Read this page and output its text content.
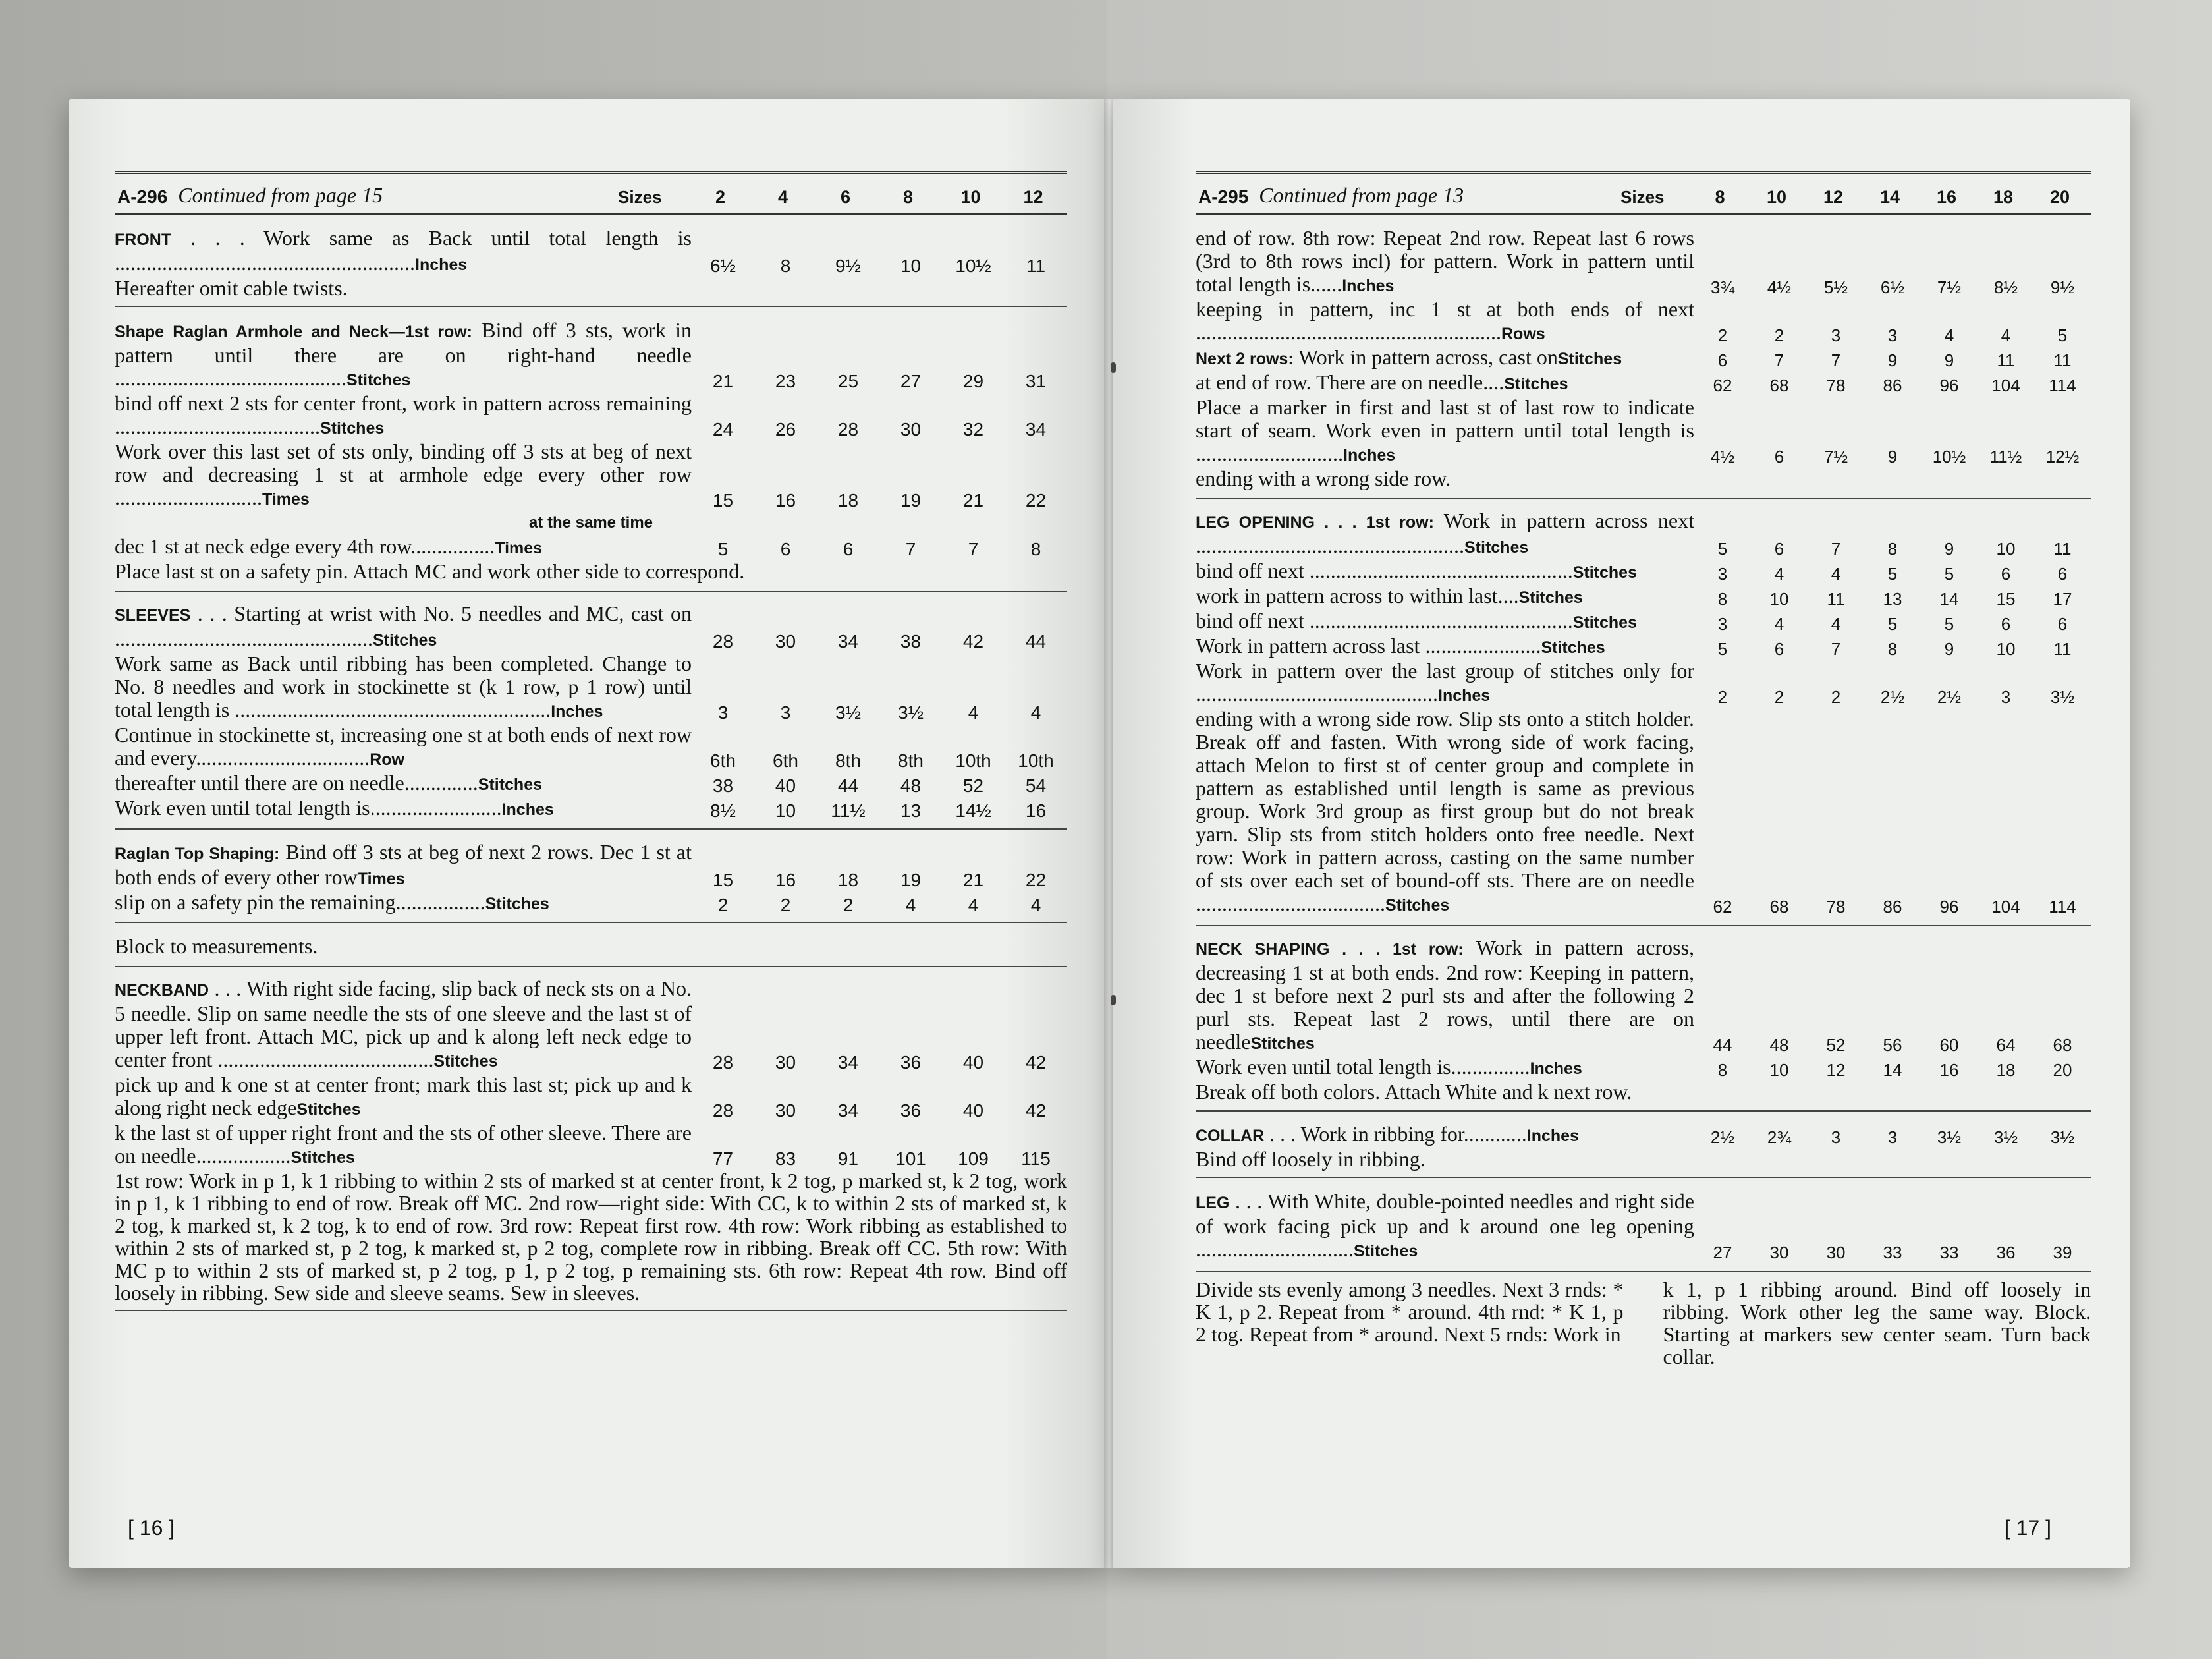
A-296 Continued from page 15	Sizes	2	4	6	8	10	12
FRONT . . . Work same as Back until total length is .........................................................Inches	6½	8	9½	10	10½	11
Hereafter omit cable twists.
Shape Raglan Armhole and Neck—1st row: Bind off 3 sts, work in pattern until there are on right-hand needle ............................................Stitches	21	23	25	27	29	31
bind off next 2 sts for center front, work in pattern across remaining .......................................Stitches	24	26	28	30	32	34
Work over this last set of sts only, binding off 3 sts at beg of next row and decreasing 1 st at armhole edge every other row ............................Times	15	16	18	19	21	22
at the same time
dec 1 st at neck edge every 4th row................Times	5	6	6	7	7	8
Place last st on a safety pin. Attach MC and work other side to correspond.
SLEEVES . . . Starting at wrist with No. 5 needles and MC, cast on .................................................Stitches	28	30	34	38	42	44
Work same as Back until ribbing has been completed. Change to No. 8 needles and work in stockinette st (k 1 row, p 1 row) until total length is ............................................................Inches	3	3	3½	3½	4	4
Continue in stockinette st, increasing one st at both ends of next row and every.................................Row	6th	6th	8th	8th	10th	10th
thereafter until there are on needle..............Stitches	38	40	44	48	52	54
Work even until total length is.........................Inches	8½	10	11½	13	14½	16
Raglan Top Shaping: Bind off 3 sts at beg of next 2 rows. Dec 1 st at both ends of every other rowTimes	15	16	18	19	21	22
slip on a safety pin the remaining.................Stitches	2	2	2	4	4	4
Block to measurements.
NECKBAND . . . With right side facing, slip back of neck sts on a No. 5 needle. Slip on same needle the sts of one sleeve and the last st of upper left front. Attach MC, pick up and k along left neck edge to center front .........................................Stitches	28	30	34	36	40	42
pick up and k one st at center front; mark this last st; pick up and k along right neck edgeStitches	28	30	34	36	40	42
k the last st of upper right front and the sts of other sleeve. There are on needle..................Stitches	77	83	91	101	109	115
1st row: Work in p 1, k 1 ribbing to within 2 sts of marked st at center front, k 2 tog, p marked st, k 2 tog, work in p 1, k 1 ribbing to end of row. Break off MC. 2nd row—right side: With CC, k to within 2 sts of marked st, k 2 tog, k marked st, k 2 tog, k to end of row. 3rd row: Repeat first row. 4th row: Work ribbing as established to within 2 sts of marked st, p 2 tog, k marked st, p 2 tog, complete row in ribbing. Break off CC. 5th row: With MC p to within 2 sts of marked st, p 2 tog, p 1, p 2 tog, p remaining sts. 6th row: Repeat 4th row. Bind off loosely in ribbing. Sew side and sleeve seams. Sew in sleeves.
[ 16 ]
A-295 Continued from page 13	Sizes	8	10	12	14	16	18	20
end of row. 8th row: Repeat 2nd row. Repeat last 6 rows (3rd to 8th rows incl) for pattern. Work in pattern until total length is......Inches	3¾	4½	5½	6½	7½	8½	9½
keeping in pattern, inc 1 st at both ends of next ..........................................................Rows	2	2	3	3	4	4	5
Next 2 rows: Work in pattern across, cast onStitches	6	7	7	9	9	11	11
at end of row. There are on needle....Stitches	62	68	78	86	96	104	114
Place a marker in first and last st of last row to indicate start of seam. Work even in pattern until total length is ............................Inches	4½	6	7½	9	10½	11½	12½
ending with a wrong side row.
LEG OPENING . . . 1st row: Work in pattern across next ...................................................Stitches	5	6	7	8	9	10	11
bind off next ..................................................Stitches	3	4	4	5	5	6	6
work in pattern across to within last....Stitches	8	10	11	13	14	15	17
bind off next ..................................................Stitches	3	4	4	5	5	6	6
Work in pattern across last ......................Stitches	5	6	7	8	9	10	11
Work in pattern over the last group of stitches only for ..............................................Inches	2	2	2	2½	2½	3	3½
ending with a wrong side row. Slip sts onto a stitch holder. Break off and fasten. With wrong side of work facing, attach Melon to first st of center group and complete in pattern as established until length is same as previous group. Work 3rd group as first group but do not break yarn. Slip sts from stitch holders onto free needle. Next row: Work in pattern across, casting on the same number of sts over each set of bound-off sts. There are on needle ....................................Stitches	62	68	78	86	96	104	114
NECK SHAPING . . . 1st row: Work in pattern across, decreasing 1 st at both ends. 2nd row: Keeping in pattern, dec 1 st before next 2 purl sts and after the following 2 purl sts. Repeat last 2 rows, until there are on needleStitches	44	48	52	56	60	64	68
Work even until total length is...............Inches	8	10	12	14	16	18	20
Break off both colors. Attach White and k next row.
COLLAR . . . Work in ribbing for............Inches	2½	2¾	3	3	3½	3½	3½
Bind off loosely in ribbing.
LEG . . . With White, double-pointed needles and right side of work facing pick up and k around one leg opening ..............................Stitches	27	30	30	33	33	36	39
Divide sts evenly among 3 needles. Next 3 rnds: * K 1, p 2. Repeat from * around. 4th rnd: * K 1, p 2 tog. Repeat from * around. Next 5 rnds: Work in
k 1, p 1 ribbing around. Bind off loosely in ribbing. Work other leg the same way. Block. Starting at markers sew center seam. Turn back collar.
[ 17 ]
